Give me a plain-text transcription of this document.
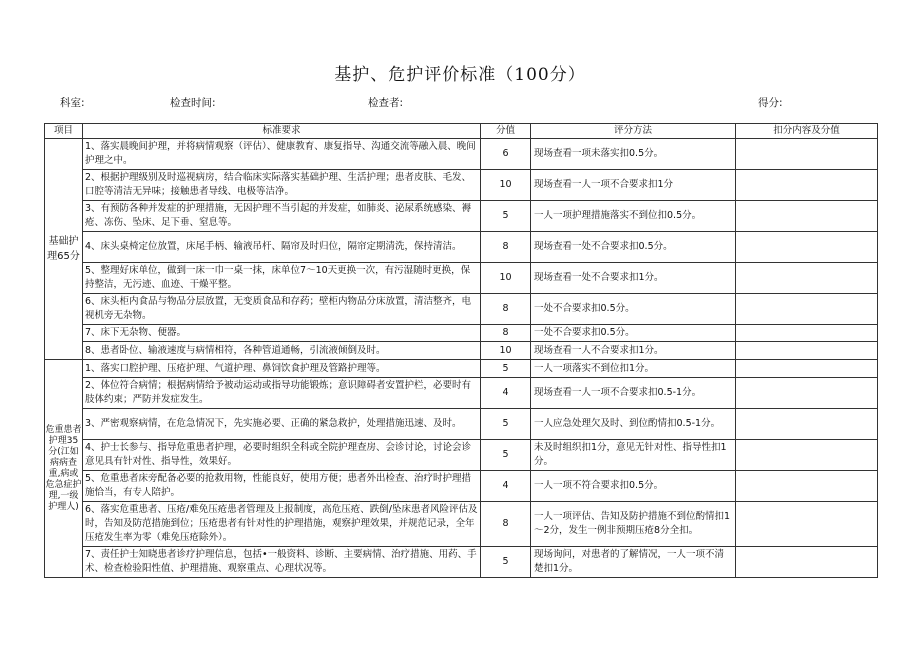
基护、危护评价标准（100分）
科室:	检查时间:	检查者:	得分:
项目	标准要求	分值	评分方法	扣分内容及分值
基础护理65分	1、落实晨晚间护理，并将病情观察（评估）、健康教育、康复指导、沟通交流等融入晨、晚间护理之中。	6	现场查看一项未落实扣0.5分。	
	2、根据护理级别及时巡视病房，结合临床实际落实基础护理、生活护理；患者皮肤、毛发、口腔等清洁无异味；接触患者导线、电极等洁净。	10	现场查看一人一项不合要求扣1分	
	3、有预防各种并发症的护理措施，无因护理不当引起的并发症，如肺炎、泌尿系统感染、褥疮、冻伤、坠床、足下垂、窒息等。	5	一人一项护理措施落实不到位扣0.5分。	
	4、床头桌椅定位放置，床尾手柄、输液吊杆、隔帘及时归位，隔帘定期清洗，保持清洁。	8	现场查看一处不合要求扣0.5分。	
	5、整理好床单位，做到一床一巾一桌一抹，床单位7～10天更换一次，有污湿随时更换，保持整洁，无污迹、血迹、干燥平整。	10	现场查看一处不合要求扣1分。	
	6、床头柜内食品与物品分层放置，无变质食品和存药；壁柜内物品分床放置，清洁整齐，电视机旁无杂物。	8	一处不合要求扣0.5分。	
	7、床下无杂物、便器。	8	一处不合要求扣0.5分。	
	8、患者卧位、输液速度与病情相符，各种管道通畅，引流液倾倒及时。	10	现场查看一人不合要求扣1分。	
危重患者护理35分(江如病病查重,病或危急症护理,一级护理人)	1、落实口腔护理、压疮护理、气道护理、鼻饲饮食护理及管路护理等。	5	一人一项落实不到位扣1分。	
	2、体位符合病情；根据病情给予被动运动或指导功能锻炼；意识障碍者安置护栏，必要时有肢体约束；严防并发症发生。	4	现场查看一人一项不合要求扣0.5-1分。	
	3、严密观察病情，在危急情况下，先实施必要、正确的紧急救护，处理措施迅速、及时。	5	一人应急处理欠及时、到位酌情扣0.5-1分。	
	4、护士长参与、指导危重患者护理，必要时组织全科或全院护理查房、会诊讨论，讨论会诊意见具有针对性、指导性，效果好。	5	未及时组织扣1分，意见无针对性、指导性扣1分。	
	5、危重患者床旁配备必要的抢救用物，性能良好，使用方便；患者外出检查、治疗时护理措施恰当，有专人陪护。	4	一人一项不符合要求扣0.5分。	
	6、落实危重患者、压疮/难免压疮患者管理及上报制度，高危压疮、跌倒/坠床患者风险评估及时，告知及防范措施到位；压疮患者有针对性的护理措施，观察护理效果，并规范记录，全年压疮发生率为零（难免压疮除外）。	8	一人一项评估、告知及防护措施不到位酌情扣1～2分，发生一例非预期压疮8分全扣。	
	7、责任护士知晓患者诊疗护理信息，包括•一般资料、诊断、主要病情、治疗措施、用药、手术、检查检验阳性值、护理措施、观察重点、心理状况等。	5	现场询问，对患者的了解情况，一人一项不清楚扣1分。	
